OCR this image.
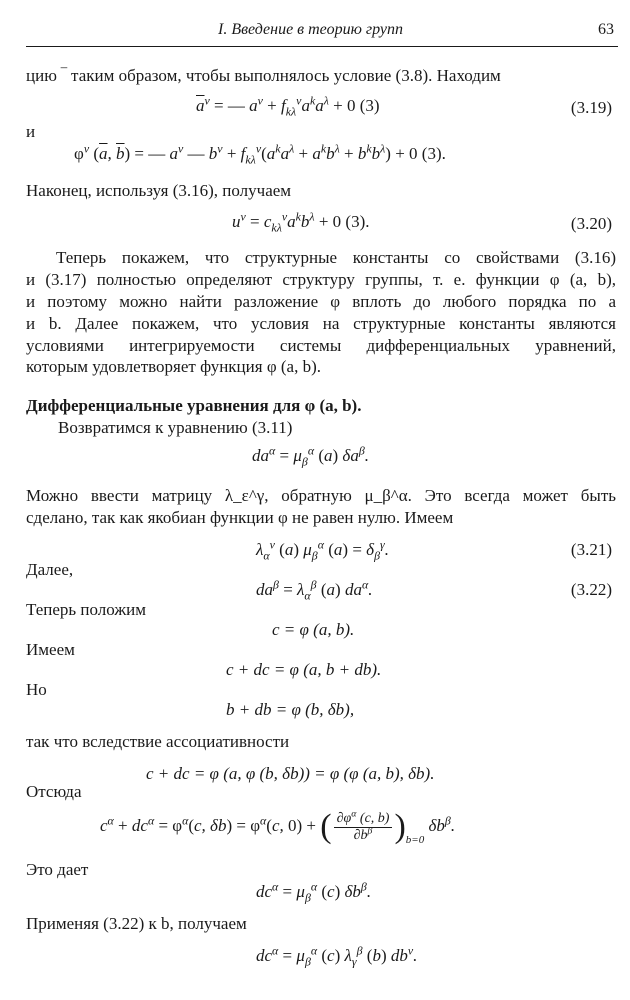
I. Введение в теорию групп	63
цию ‾ таким образом, чтобы выполнялось условие (3.8). Находим
$\overline{a}^\nu$ = — $a^\nu + f_{k\lambda}^\nu a^ka^\lambda + 0$ (3)	(3.19)
и
$\varphi^\nu$ ($\overline{a}$, $\overline{b}$) = — $a^\nu$ — $b^\nu + f_{k\lambda}^\nu(a^ka^\lambda + a^kb^\lambda + b^kb^\lambda) + 0$ (3).
Наконец, используя (3.16), получаем
$u^\nu = c_{k\lambda}^\nu a^kb^\lambda + 0$ (3).	(3.20)
Теперь покажем, что структурные константы со свойствами (3.16)
и (3.17) полностью определяют структуру группы, т. е. функции φ (a, b),
и поэтому можно найти разложение φ вплоть до любого порядка по a
и b. Далее покажем, что условия на структурные константы являются
условиями интегрируемости системы дифференциальных уравнений,
которым удовлетворяет функция φ (a, b).
Дифференциальные уравнения для φ (a, b).
Возвратимся к уравнению (3.11)
$da^\alpha = \mu_\beta^\alpha$ (a) $\delta a^\beta$.
Можно ввести матрицу λ_ε^γ, обратную μ_β^α. Это всегда может быть
сделано, так как якобиан функции φ не равен нулю. Имеем
$\lambda_\alpha^\nu$ (a) $\mu_\beta^\alpha$ $(a) = \delta_\beta^\gamma$.	(3.21)
Далее,
$da^\beta = \lambda_\alpha^\beta$ (a) $da^\alpha$.	(3.22)
Теперь положим
c = φ (a, b).
Имеем
c + dc = φ (a, b + db).
Но
b + db = φ (b, δb),
так что вследствие ассоциативности
c + dc = φ (a, φ (b, δb)) = φ (φ (a, b), δb).
Отсюда
$c^\alpha + dc^\alpha = \varphi^\alpha(c$, $\delta b) = \varphi^\alpha(c$, 0) + ( $\frac{\partial\varphi^\alpha (c, b)}{\partial b^\beta} )_{b=0}$ $\delta b^\beta$.
Это дает
$dc^\alpha = \mu_\beta^\alpha$ (c) $\delta b^\beta$.
Применяя (3.22) к b, получаем
$dc^\alpha = \mu_\beta^\alpha$ (c) $\lambda_\gamma^\beta$ (b) $db^\nu$.
